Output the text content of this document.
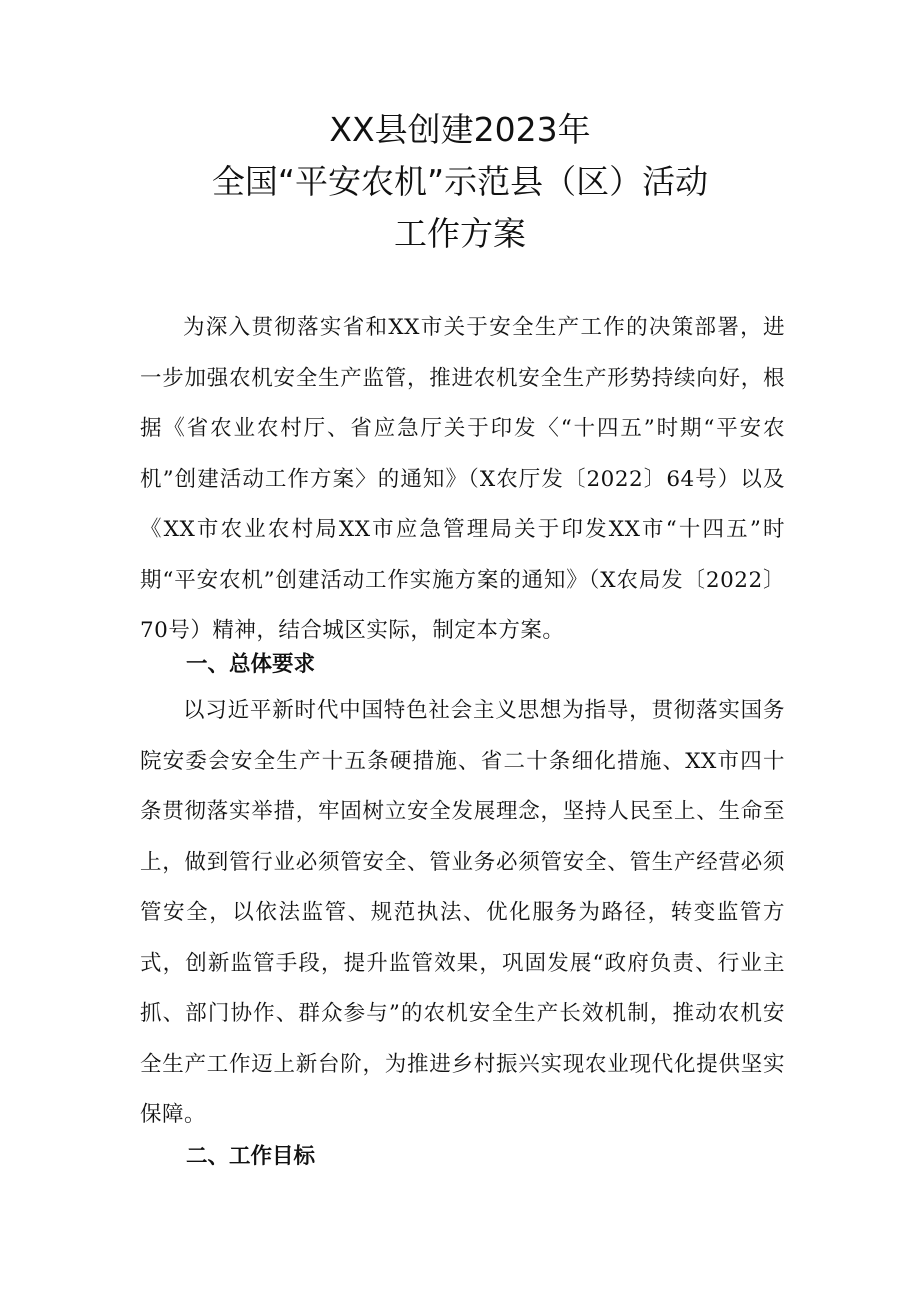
XX县创建2023年
全国“平安农机”示范县（区）活动
工作方案

为深入贯彻落实省和XX市关于安全生产工作的决策部署，进一步加强农机安全生产监管，推进农机安全生产形势持续向好，根据《省农业农村厅、省应急厅关于印发〈“十四五”时期“平安农机”创建活动工作方案〉的通知》（X农厅发〔2022〕64号）以及《XX市农业农村局XX市应急管理局关于印发XX市“十四五”时期“平安农机”创建活动工作实施方案的通知》（X农局发〔2022〕70号）精神，结合城区实际，制定本方案。

一、总体要求

以习近平新时代中国特色社会主义思想为指导，贯彻落实国务院安委会安全生产十五条硬措施、省二十条细化措施、XX市四十条贯彻落实举措，牢固树立安全发展理念，坚持人民至上、生命至上，做到管行业必须管安全、管业务必须管安全、管生产经营必须管安全，以依法监管、规范执法、优化服务为路径，转变监管方式，创新监管手段，提升监管效果，巩固发展“政府负责、行业主抓、部门协作、群众参与”的农机安全生产长效机制，推动农机安全生产工作迈上新台阶，为推进乡村振兴实现农业现代化提供坚实保障。

二、工作目标
